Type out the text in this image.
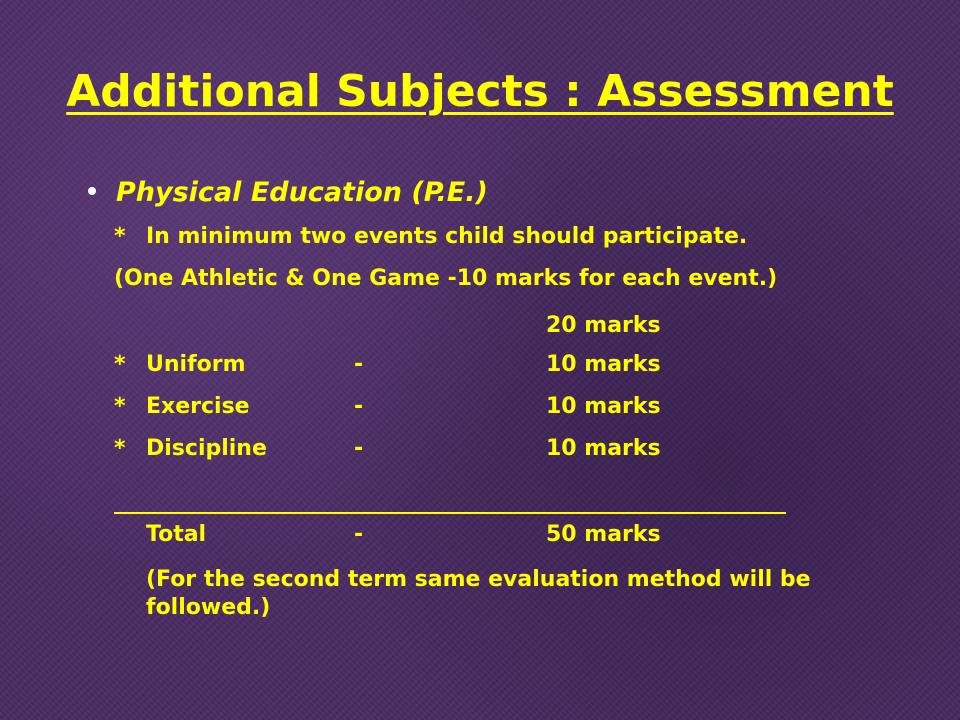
Additional Subjects : Assessment
Physical Education (P.E.)
* In minimum two events child should participate.
(One Athletic & One Game -10 marks for each event.)
20 marks
* Uniform	-	10 marks
* Exercise	-	10 marks
* Discipline	-	10 marks
Total	-	50 marks
(For the second term same evaluation method will be followed.)
